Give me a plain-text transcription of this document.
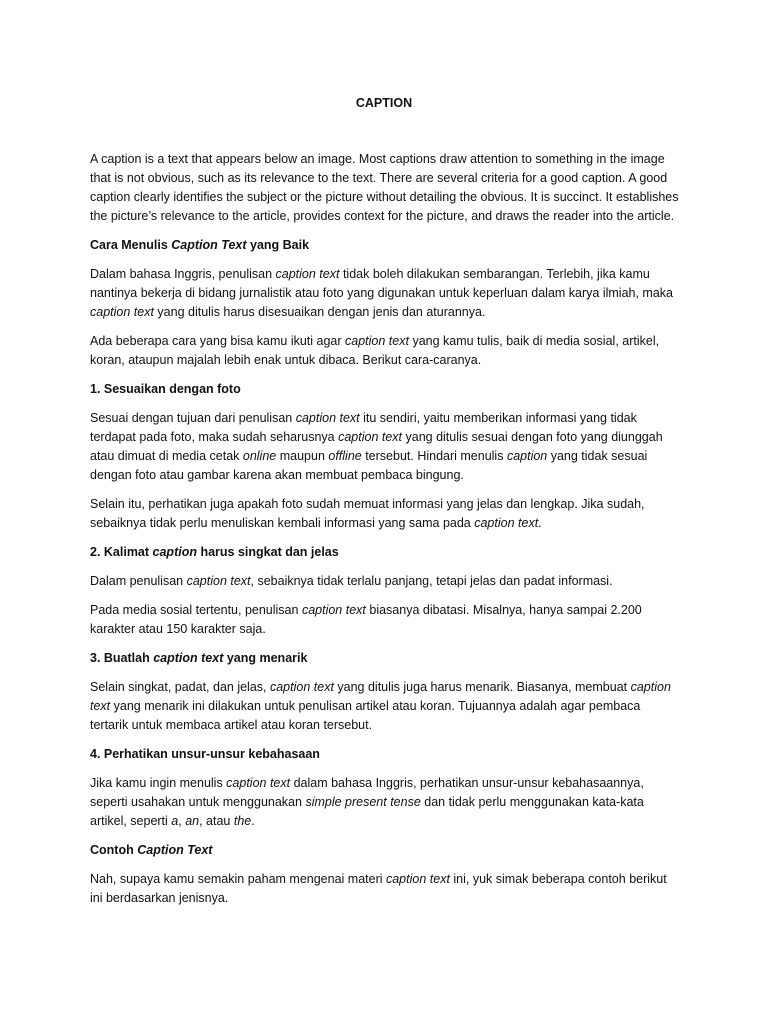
CAPTION

A caption is a text that appears below an image. Most captions draw attention to something in the image that is not obvious, such as its relevance to the text. There are several criteria for a good caption. A good caption clearly identifies the subject or the picture without detailing the obvious. It is succinct. It establishes the picture’s relevance to the article, provides context for the picture, and draws the reader into the article.

Cara Menulis Caption Text yang Baik

Dalam bahasa Inggris, penulisan caption text tidak boleh dilakukan sembarangan. Terlebih, jika kamu nantinya bekerja di bidang jurnalistik atau foto yang digunakan untuk keperluan dalam karya ilmiah, maka caption text yang ditulis harus disesuaikan dengan jenis dan aturannya.

Ada beberapa cara yang bisa kamu ikuti agar caption text yang kamu tulis, baik di media sosial, artikel, koran, ataupun majalah lebih enak untuk dibaca. Berikut cara-caranya.

1. Sesuaikan dengan foto

Sesuai dengan tujuan dari penulisan caption text itu sendiri, yaitu memberikan informasi yang tidak terdapat pada foto, maka sudah seharusnya caption text yang ditulis sesuai dengan foto yang diunggah atau dimuat di media cetak online maupun offline tersebut. Hindari menulis caption yang tidak sesuai dengan foto atau gambar karena akan membuat pembaca bingung.

Selain itu, perhatikan juga apakah foto sudah memuat informasi yang jelas dan lengkap. Jika sudah, sebaiknya tidak perlu menuliskan kembali informasi yang sama pada caption text.

2. Kalimat caption harus singkat dan jelas

Dalam penulisan caption text, sebaiknya tidak terlalu panjang, tetapi jelas dan padat informasi.

Pada media sosial tertentu, penulisan caption text biasanya dibatasi. Misalnya, hanya sampai 2.200 karakter atau 150 karakter saja.

3. Buatlah caption text yang menarik

Selain singkat, padat, dan jelas, caption text yang ditulis juga harus menarik. Biasanya, membuat caption text yang menarik ini dilakukan untuk penulisan artikel atau koran. Tujuannya adalah agar pembaca tertarik untuk membaca artikel atau koran tersebut.

4. Perhatikan unsur-unsur kebahasaan

Jika kamu ingin menulis caption text dalam bahasa Inggris, perhatikan unsur-unsur kebahasaannya, seperti usahakan untuk menggunakan simple present tense dan tidak perlu menggunakan kata-kata artikel, seperti a, an, atau the.

Contoh Caption Text

Nah, supaya kamu semakin paham mengenai materi caption text ini, yuk simak beberapa contoh berikut ini berdasarkan jenisnya.
